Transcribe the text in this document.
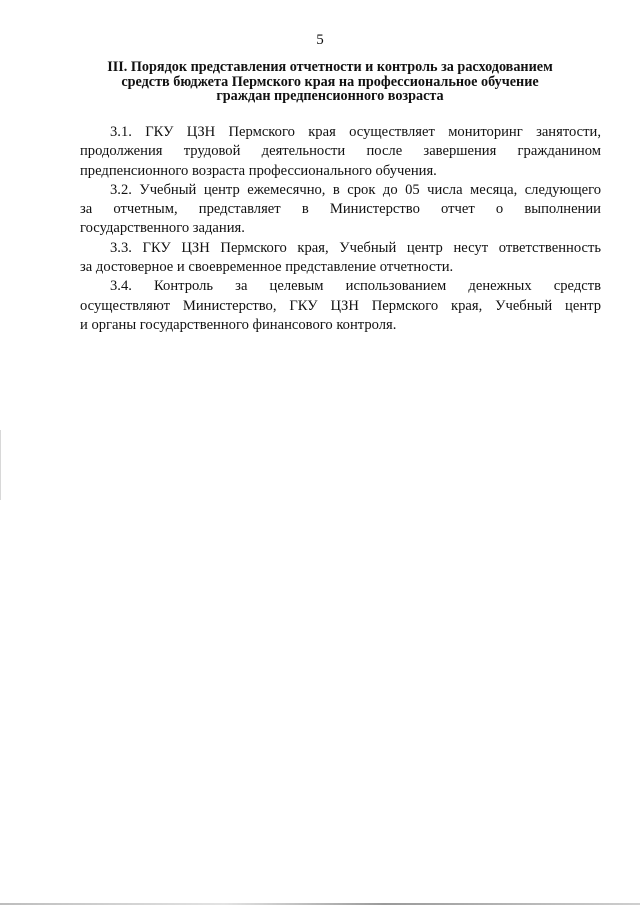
5
III. Порядок представления отчетности и контроль за расходованием
средств бюджета Пермского края на профессиональное обучение
граждан предпенсионного возраста
3.1. ГКУ ЦЗН Пермского края осуществляет мониторинг занятости,
продолжения трудовой деятельности после завершения гражданином
предпенсионного возраста профессионального обучения.
3.2. Учебный центр ежемесячно, в срок до 05 числа месяца, следующего
за отчетным, представляет в Министерство отчет о выполнении
государственного задания.
3.3. ГКУ ЦЗН Пермского края, Учебный центр несут ответственность
за достоверное и своевременное представление отчетности.
3.4. Контроль за целевым использованием денежных средств
осуществляют Министерство, ГКУ ЦЗН Пермского края, Учебный центр
и органы государственного финансового контроля.
